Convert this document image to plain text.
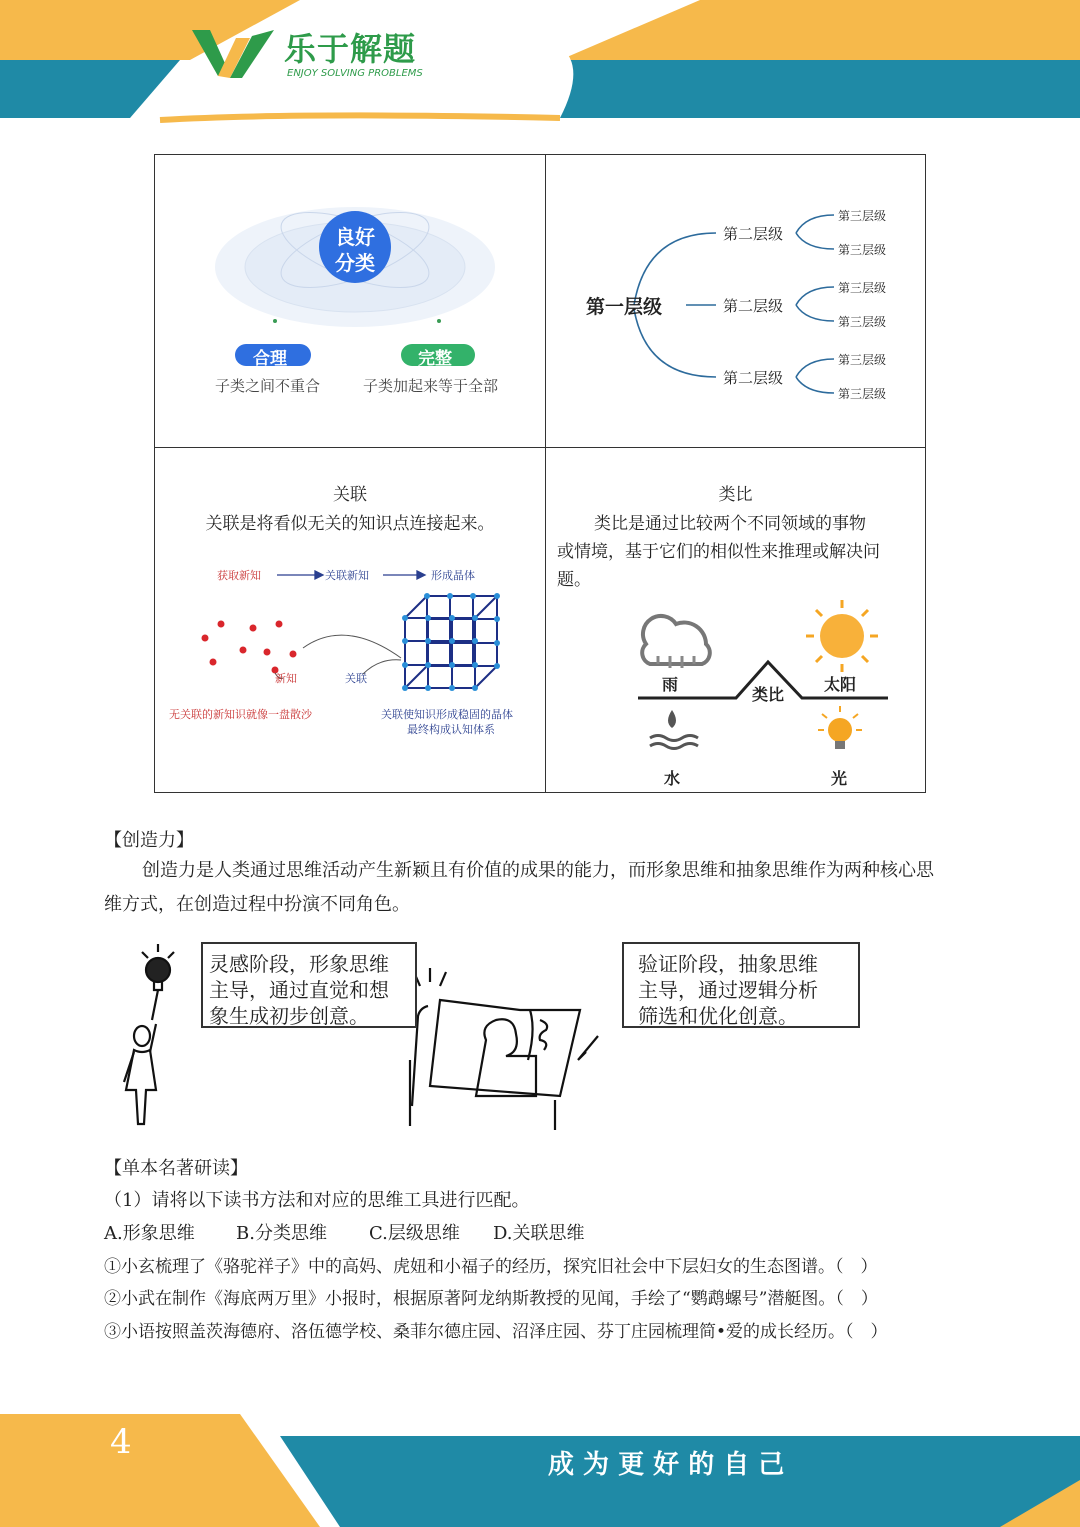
乐于解题
ENJOY SOLVING PROBLEMS
良好
分类
合理	完整
子类之间不重合	子类加起来等于全部
第一层级
第二层级
第二层级
第二层级
第三层级
第三层级
第三层级
第三层级
第三层级
第三层级
关联
关联是将看似无关的知识点连接起来。
获取新知	关联新知	形成晶体
新知	关联
无关联的新知识就像一盘散沙	关联使知识形成稳固的晶体
最终构成认知体系
类比
类比是通过比较两个不同领域的事物
或情境，基于它们的相似性来推理或解决问
题。
雨	太阳
类比
水	光
【创造力】
创造力是人类通过思维活动产生新颖且有价值的成果的能力，而形象思维和抽象思维作为两种核心思
维方式，在创造过程中扮演不同角色。
灵感阶段，形象思维
主导，通过直觉和想
象生成初步创意。
验证阶段，抽象思维
主导，通过逻辑分析
筛选和优化创意。
【单本名著研读】
（1）请将以下读书方法和对应的思维工具进行匹配。
A.形象思维 B.分类思维 C.层级思维 D.关联思维
①小玄梳理了《骆驼祥子》中的高妈、虎妞和小福子的经历，探究旧社会中下层妇女的生态图谱。（　）
②小武在制作《海底两万里》小报时，根据原著阿龙纳斯教授的见闻，手绘了“鹦鹉螺号”潜艇图。（　）
③小语按照盖茨海德府、洛伍德学校、桑菲尔德庄园、沼泽庄园、芬丁庄园梳理简•爱的成长经历。（　）
4
成 为 更 好 的 自 己
